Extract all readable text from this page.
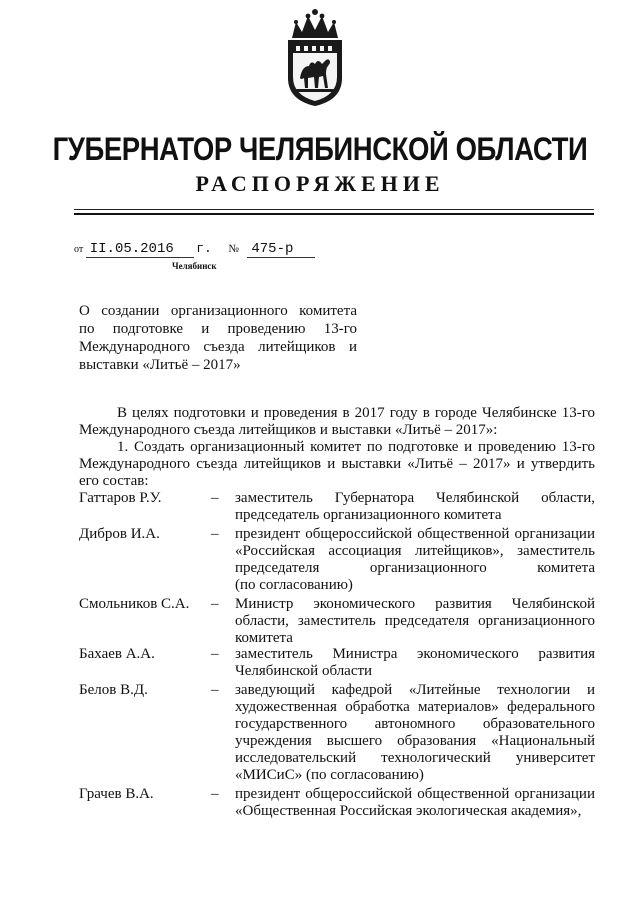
ГУБЕРНАТОР ЧЕЛЯБИНСКОЙ ОБЛАСТИ
РАСПОРЯЖЕНИЕ
от II.05.2016 г. № 475-р
Челябинск
О создании организационного комитета
по подготовке и проведению 13-го
Международного съезда литейщиков и
выставки «Литьё – 2017»
В целях подготовки и проведения в 2017 году в городе Челябинске 13-го
Международного съезда литейщиков и выставки «Литьё – 2017»:
1. Создать организационный комитет по подготовке и проведению 13-го
Международного съезда литейщиков и выставки «Литьё – 2017» и утвердить
его состав:
Гаттаров Р.У.	– заместитель Губернатора Челябинской области,
председатель организационного комитета
Дибров И.А.	– президент общероссийской общественной организации
«Российская ассоциация литейщиков», заместитель
председателя организационного комитета
(по согласованию)
Смольников С.А. – Министр экономического развития Челябинской
области, заместитель председателя организационного
комитета
Бахаев А.А.	– заместитель Министра экономического развития
Челябинской области
Белов В.Д.	– заведующий кафедрой «Литейные технологии и
художественная обработка материалов» федерального
государственного автономного образовательного
учреждения высшего образования «Национальный
исследовательский технологический университет
«МИСиС» (по согласованию)
Грачев В.А.	– президент общероссийской общественной организации
«Общественная Российская экологическая академия»,
